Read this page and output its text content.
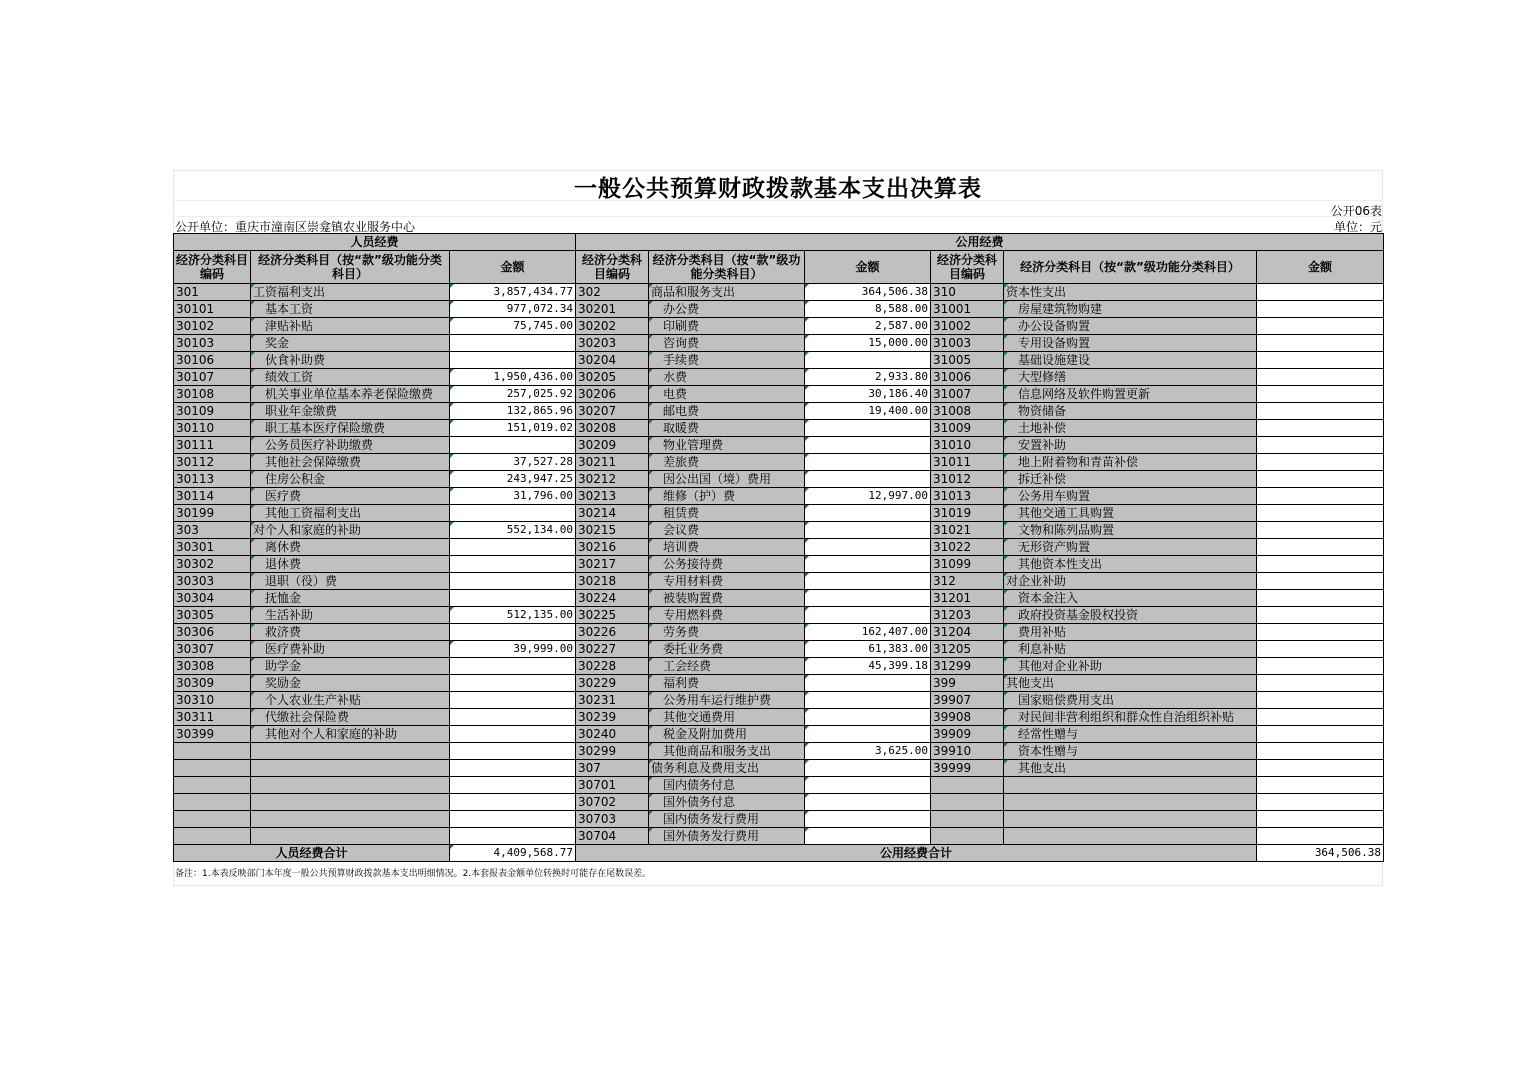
一般公共预算财政拨款基本支出决算表
公开06表
公开单位：重庆市潼南区崇龛镇农业服务中心	单位：元
人员经费			公用经费					
经济分类科目编码	经济分类科目（按“款”级功能分类科目）	金额	经济分类科目编码	经济分类科目（按“款”级功能分类科目）	金额	经济分类科目编码	经济分类科目（按“款”级功能分类科目）	金额
301	工资福利支出	3,857,434.77	302	商品和服务支出	364,506.38	310	资本性支出	
30101	基本工资	977,072.34	30201	办公费	8,588.00	31001	房屋建筑物购建	
30102	津贴补贴	75,745.00	30202	印刷费	2,587.00	31002	办公设备购置	
30103	奖金		30203	咨询费	15,000.00	31003	专用设备购置	
30106	伙食补助费		30204	手续费		31005	基础设施建设	
30107	绩效工资	1,950,436.00	30205	水费	2,933.80	31006	大型修缮	
30108	机关事业单位基本养老保险缴费	257,025.92	30206	电费	30,186.40	31007	信息网络及软件购置更新	
30109	职业年金缴费	132,865.96	30207	邮电费	19,400.00	31008	物资储备	
30110	职工基本医疗保险缴费	151,019.02	30208	取暖费		31009	土地补偿	
30111	公务员医疗补助缴费		30209	物业管理费		31010	安置补助	
30112	其他社会保障缴费	37,527.28	30211	差旅费		31011	地上附着物和青苗补偿	
30113	住房公积金	243,947.25	30212	因公出国（境）费用		31012	拆迁补偿	
30114	医疗费	31,796.00	30213	维修（护）费	12,997.00	31013	公务用车购置	
30199	其他工资福利支出		30214	租赁费		31019	其他交通工具购置	
303	对个人和家庭的补助	552,134.00	30215	会议费		31021	文物和陈列品购置	
30301	离休费		30216	培训费		31022	无形资产购置	
30302	退休费		30217	公务接待费		31099	其他资本性支出	
30303	退职（役）费		30218	专用材料费		312	对企业补助	
30304	抚恤金		30224	被装购置费		31201	资本金注入	
30305	生活补助	512,135.00	30225	专用燃料费		31203	政府投资基金股权投资	
30306	救济费		30226	劳务费	162,407.00	31204	费用补贴	
30307	医疗费补助	39,999.00	30227	委托业务费	61,383.00	31205	利息补贴	
30308	助学金		30228	工会经费	45,399.18	31299	其他对企业补助	
30309	奖励金		30229	福利费		399	其他支出	
30310	个人农业生产补贴		30231	公务用车运行维护费		39907	国家赔偿费用支出	
30311	代缴社会保险费		30239	其他交通费用		39908	对民间非营利组织和群众性自治组织补贴	
30399	其他对个人和家庭的补助		30240	税金及附加费用		39909	经常性赠与	
			30299	其他商品和服务支出	3,625.00	39910	资本性赠与	
			307	债务利息及费用支出		39999	其他支出	
			30701	国内债务付息				
			30702	国外债务付息				
			30703	国内债务发行费用				
			30704	国外债务发行费用				
人员经费合计		4,409,568.77	公用经费合计					364,506.38
备注：1.本表反映部门本年度一般公共预算财政拨款基本支出明细情况。2.本套报表金额单位转换时可能存在尾数误差。
